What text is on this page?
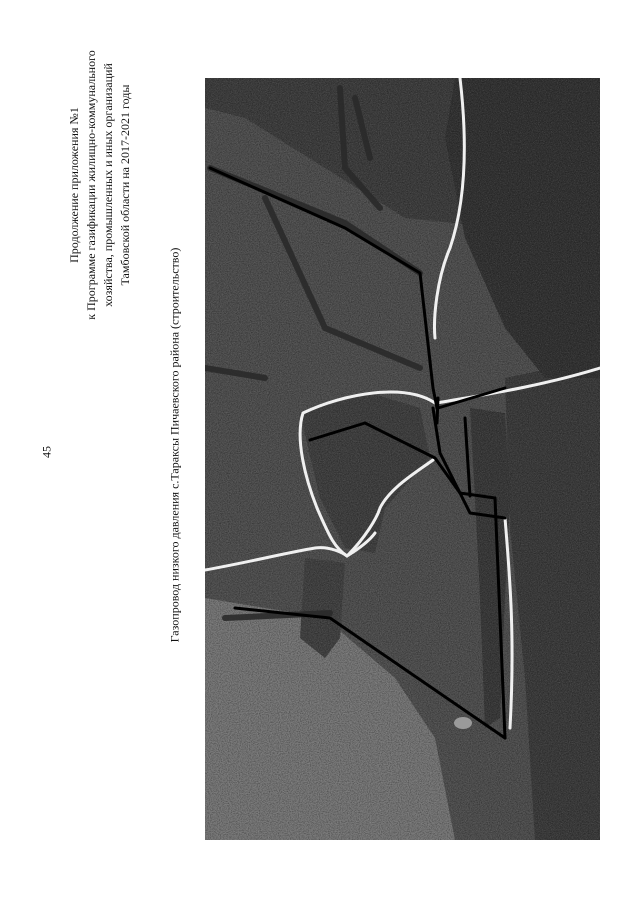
45
Продолжение приложения №1 к Программе газификации жилищно-коммунального хозяйства, промышленных и иных организаций Тамбовской области на 2017-2021 годы
Газопровод низкого давления с.Тараксы Пичаевского района (строительство)
